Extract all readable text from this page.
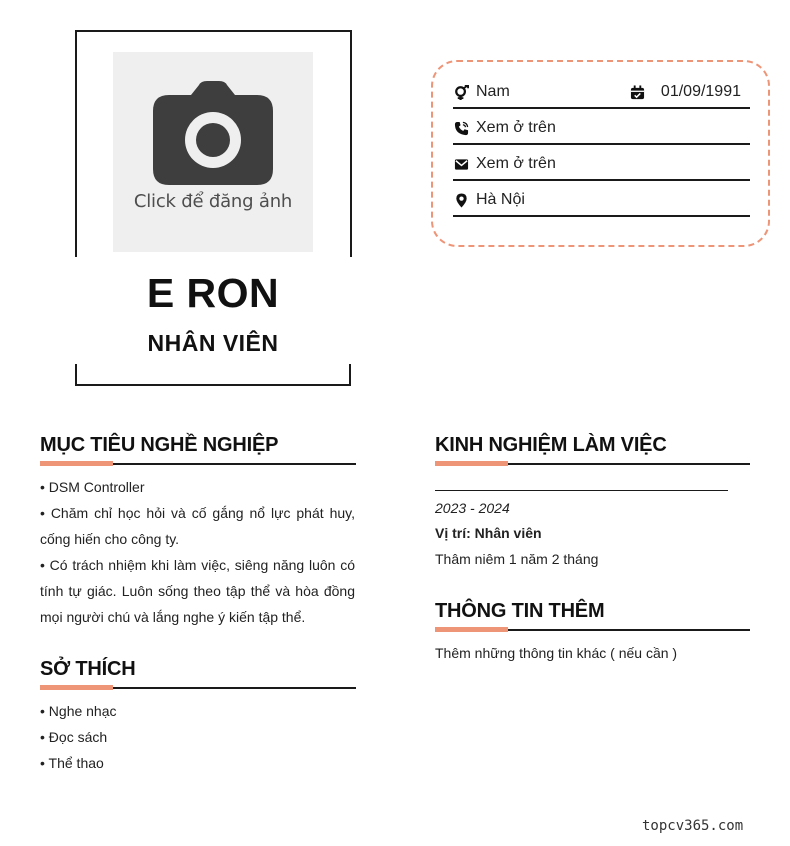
Click để đăng ảnh
E RON
NHÂN VIÊN
Nam	01/09/1991
Xem ở trên
Xem ở trên
Hà Nội
MỤC TIÊU NGHỀ NGHIỆP
• DSM Controller
• Chăm chỉ học hỏi và cố gắng nổ lực phát huy, cống hiến cho công ty.
• Có trách nhiệm khi làm việc, siêng năng luôn có tính tự giác. Luôn sống theo tập thể và hòa đồng mọi người chú và lắng nghe ý kiến tập thể.
SỞ THÍCH
• Nghe nhạc
• Đọc sách
• Thể thao
KINH NGHIỆM LÀM VIỆC
2023 - 2024
Vị trí: Nhân viên
Thâm niêm 1 năm 2 tháng
THÔNG TIN THÊM
Thêm những thông tin khác ( nếu cần )
topcv365.com
